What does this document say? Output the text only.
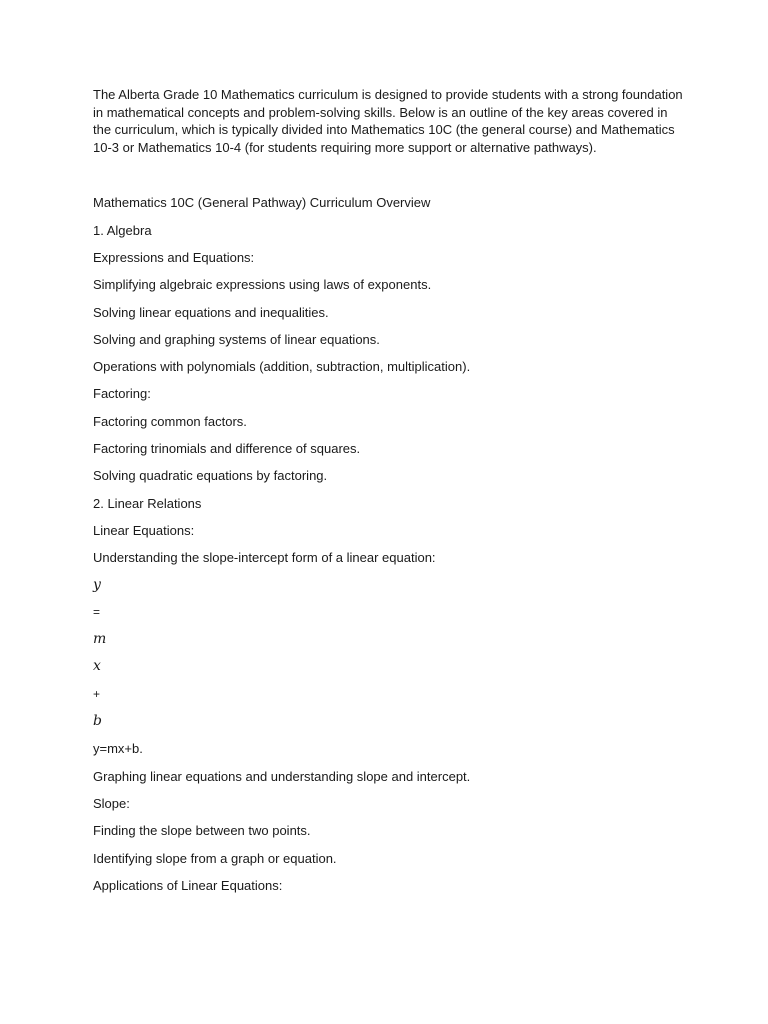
The Alberta Grade 10 Mathematics curriculum is designed to provide students with a strong foundation in mathematical concepts and problem-solving skills. Below is an outline of the key areas covered in the curriculum, which is typically divided into Mathematics 10C (the general course) and Mathematics 10-3 or Mathematics 10-4 (for students requiring more support or alternative pathways).

Mathematics 10C (General Pathway) Curriculum Overview

1. Algebra

Expressions and Equations:

Simplifying algebraic expressions using laws of exponents.

Solving linear equations and inequalities.

Solving and graphing systems of linear equations.

Operations with polynomials (addition, subtraction, multiplication).

Factoring:

Factoring common factors.

Factoring trinomials and difference of squares.

Solving quadratic equations by factoring.

2. Linear Relations

Linear Equations:

Understanding the slope-intercept form of a linear equation:

y

=

m

x

+

b

y=mx+b.

Graphing linear equations and understanding slope and intercept.

Slope:

Finding the slope between two points.

Identifying slope from a graph or equation.

Applications of Linear Equations:
